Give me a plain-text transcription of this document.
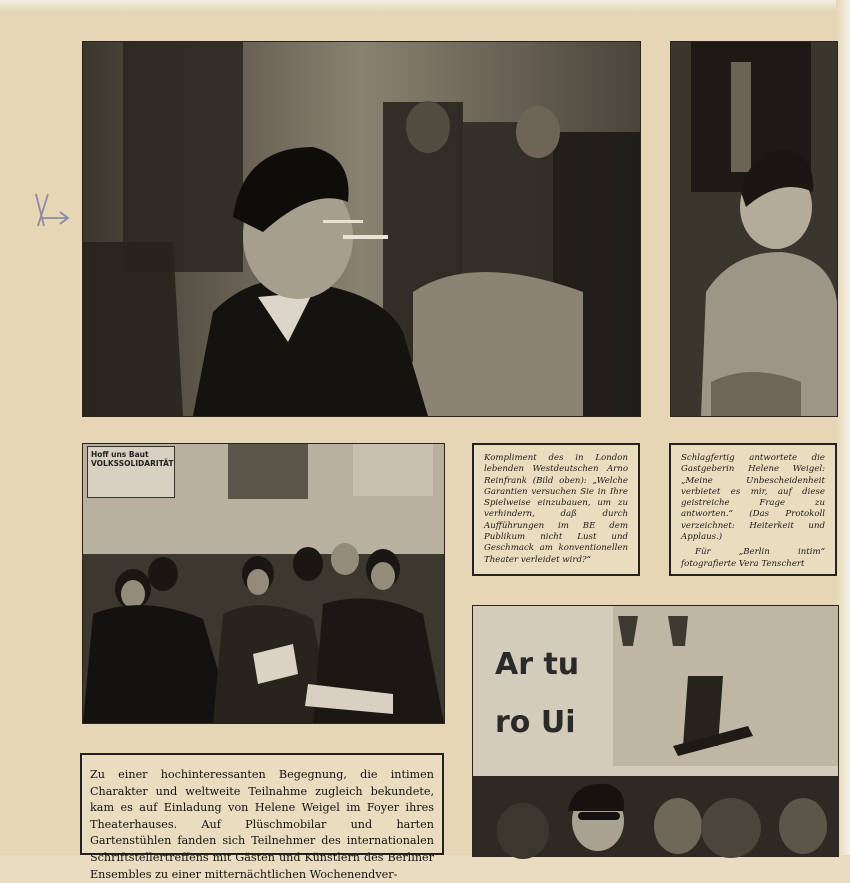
Hoff uns Baut VOLKSSOLIDARITÄT

Kompliment des in London lebenden Westdeutschen Arno Reinfrank (Bild oben): „Welche Garantien versuchen Sie in Ihre Spielweise einzubauen, um zu verhindern, daß durch Aufführungen im BE dem Publikum nicht Lust und Geschmack am konventionellen Theater verleidet wird?“

Schlagfertig antwortete die Gastgeberin Helene Weigel: „Meine Unbescheidenheit verbietet es mir, auf diese geistreiche Frage zu antworten.“ (Das Protokoll verzeichnet: Heiterkeit und Applaus.)

Für „Berlin intim“ fotografierte Vera Tenschert

Ar tu
ro Ui

Zu einer hochinteressanten Begegnung, die intimen Charakter und weltweite Teilnahme zugleich bekundete, kam es auf Einladung von Helene Weigel im Foyer ihres Theaterhauses. Auf Plüschmobilar und harten Gartenstühlen fanden sich Teilnehmer des internationalen Schriftstellertreffens mit Gästen und Künstlern des Berliner Ensembles zu einer mitternächtlichen Wochenendver-
